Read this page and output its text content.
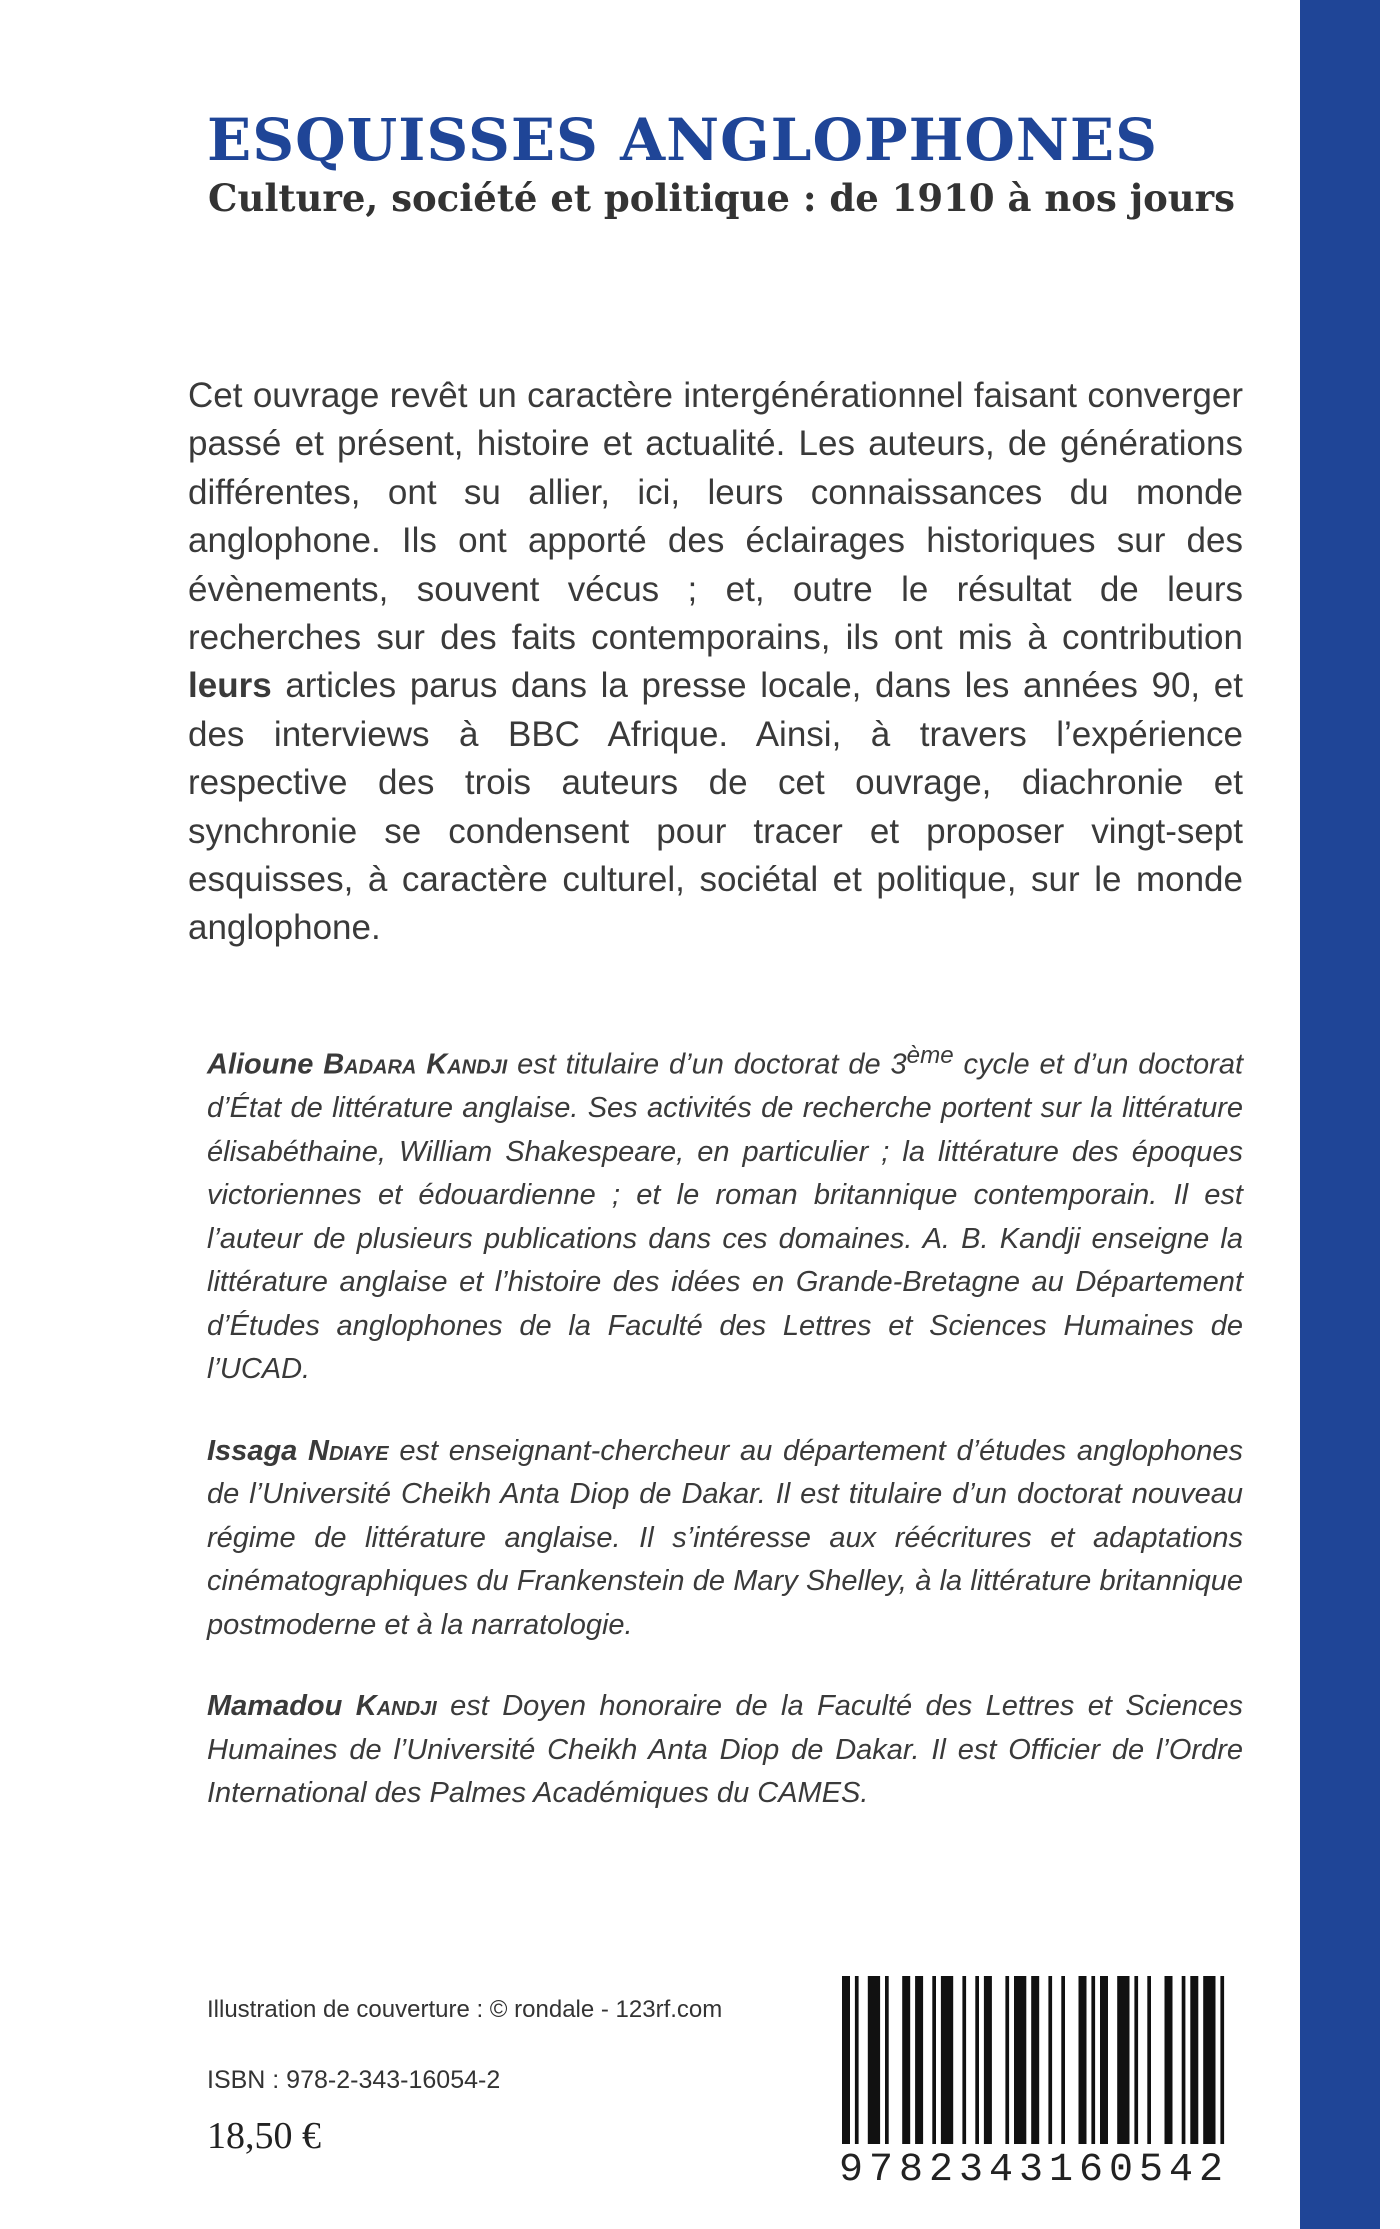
ESQUISSES ANGLOPHONES
Culture, société et politique : de 1910 à nos jours

Cet ouvrage revêt un caractère intergénérationnel faisant converger passé et présent, histoire et actualité. Les auteurs, de générations différentes, ont su allier, ici, leurs connaissances du monde anglophone. Ils ont apporté des éclairages historiques sur des évènements, souvent vécus ; et, outre le résultat de leurs recherches sur des faits contemporains, ils ont mis à contribution leurs articles parus dans la presse locale, dans les années 90, et des interviews à BBC Afrique. Ainsi, à travers l’expérience respective des trois auteurs de cet ouvrage, diachronie et synchronie se condensent pour tracer et proposer vingt-sept esquisses, à caractère culturel, sociétal et politique, sur le monde anglophone.

Alioune Badara Kandji est titulaire d’un doctorat de 3ème cycle et d’un doctorat d’État de littérature anglaise. Ses activités de recherche portent sur la littérature élisabéthaine, William Shakespeare, en particulier ; la littérature des époques victoriennes et édouardienne ; et le roman britannique contemporain. Il est l’auteur de plusieurs publications dans ces domaines. A. B. Kandji enseigne la littérature anglaise et l’histoire des idées en Grande-Bretagne au Département d’Études anglophones de la Faculté des Lettres et Sciences Humaines de l’UCAD.

Issaga Ndiaye est enseignant-chercheur au département d’études anglophones de l’Université Cheikh Anta Diop de Dakar. Il est titulaire d’un doctorat nouveau régime de littérature anglaise. Il s’intéresse aux réécritures et adaptations cinématographiques du Frankenstein de Mary Shelley, à la littérature britannique postmoderne et à la narratologie.

Mamadou Kandji est Doyen honoraire de la Faculté des Lettres et Sciences Humaines de l’Université Cheikh Anta Diop de Dakar. Il est Officier de l’Ordre International des Palmes Académiques du CAMES.

Illustration de couverture : © rondale - 123rf.com

ISBN : 978-2-343-16054-2

18,50 €

9782343160542
